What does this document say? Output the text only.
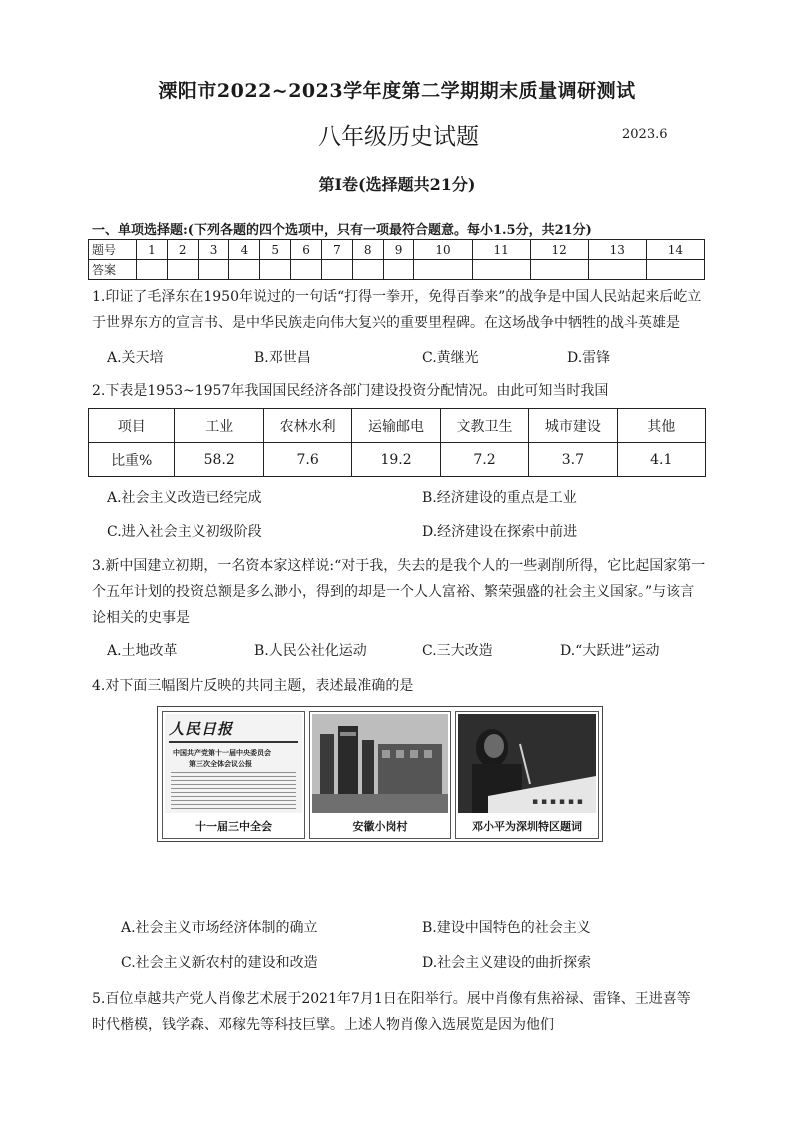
溧阳市2022~2023学年度第二学期期末质量调研测试
八年级历史试题	2023.6
第Ⅰ卷(选择题共21分)
一、单项选择题:(下列各题的四个选项中，只有一项最符合题意。每小1.5分，共21分)
题号	1	2	3	4	5	6	7	8	9	10	11	12	13	14
答案														
1.印证了毛泽东在1950年说过的一句话“打得一拳开，免得百拳来”的战争是中国人民站起来后屹立
于世界东方的宣言书、是中华民族走向伟大复兴的重要里程碑。在这场战争中牺牲的战斗英雄是
A.关天培	B.邓世昌	C.黄继光	D.雷锋
2.下表是1953~1957年我国国民经济各部门建设投资分配情况。由此可知当时我国
项目	工业	农林水利	运输邮电	文教卫生	城市建设	其他
比重%	58.2	7.6	19.2	7.2	3.7	4.1
A.社会主义改造已经完成	B.经济建设的重点是工业
C.进入社会主义初级阶段	D.经济建设在探索中前进
3.新中国建立初期，一名资本家这样说:“对于我，失去的是我个人的一些剥削所得，它比起国家第一
个五年计划的投资总额是多么渺小，得到的却是一个人人富裕、繁荣强盛的社会主义国家。”与该言
论相关的史事是
A.土地改革	B.人民公社化运动	C.三大改造	D.“大跃进”运动
4.对下面三幅图片反映的共同主题，表述最准确的是
人民日报
中国共产党第十一届中央委员会
第三次全体会议公报
十一届三中全会	安徽小岗村
▪ ▪ ▪ ▪ ▪ ▪
邓小平为深圳特区题词
A.社会主义市场经济体制的确立	B.建设中国特色的社会主义
C.社会主义新农村的建设和改造	D.社会主义建设的曲折探索
5.百位卓越共产党人肖像艺术展于2021年7月1日在阳举行。展中肖像有焦裕禄、雷锋、王进喜等
时代楷模，钱学森、邓稼先等科技巨擘。上述人物肖像入选展览是因为他们
